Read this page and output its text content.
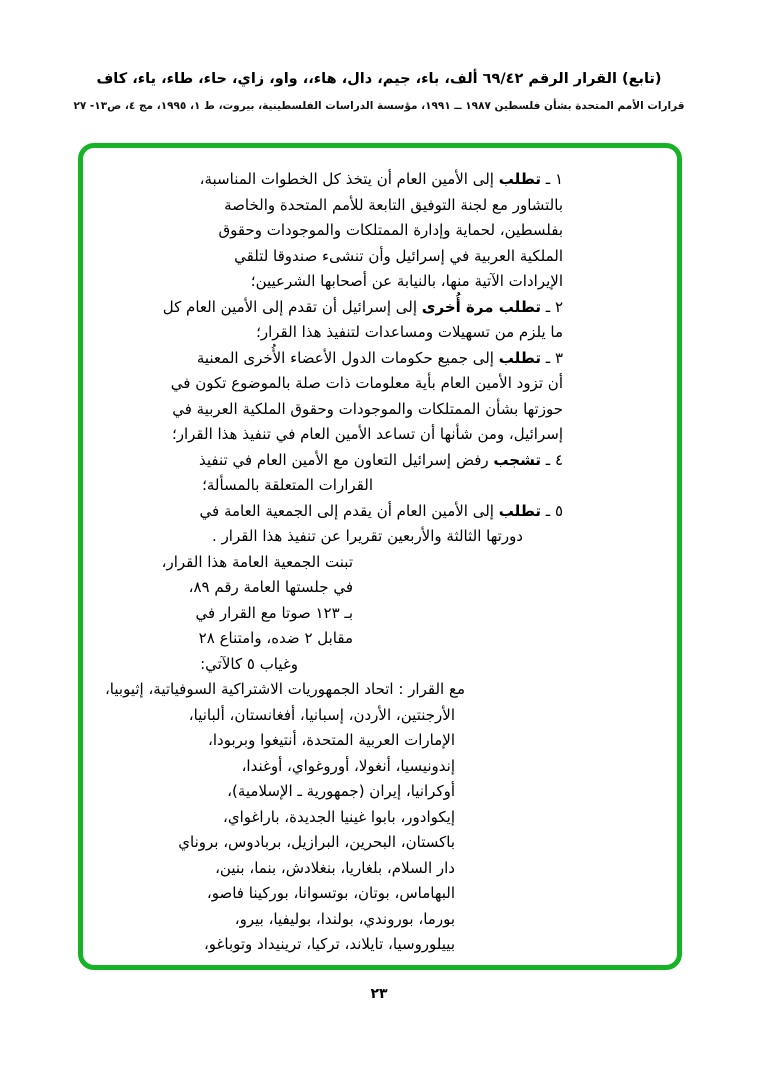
(تابع) القرار الرقم ٦٩/٤٢ ألف، باء، جيم، دال، هاء،، واو، زاي، حاء، طاء، ياء، كاف
قرارات الأمم المتحدة بشأن فلسطين ١٩٨٧ ــ ١٩٩١، مؤسسة الدراسات الفلسطينية، بيروت، ط ١، ١٩٩٥، مج ٤، ص١٣- ٢٧
١ ـ تطلب إلى الأمين العام أن يتخذ كل الخطوات المناسبة،
بالتشاور مع لجنة التوفيق التابعة للأمم المتحدة والخاصة
بفلسطين، لحماية وإدارة الممتلكات والموجودات وحقوق
الملكية العربية في إسرائيل وأن تنشىء صندوقا لتلقي
الإيرادات الآتية منها، بالنيابة عن أصحابها الشرعيين؛
٢ ـ تطلب مرة أُخرى إلى إسرائيل أن تقدم إلى الأمين العام كل
ما يلزم من تسهيلات ومساعدات لتنفيذ هذا القرار؛
٣ ـ تطلب إلى جميع حكومات الدول الأعضاء الأُخرى المعنية
أن تزود الأمين العام بأية معلومات ذات صلة بالموضوع تكون في
حوزتها بشأن الممتلكات والموجودات وحقوق الملكية العربية في
إسرائيل، ومن شأنها أن تساعد الأمين العام في تنفيذ هذا القرار؛
٤ ـ تشجب رفض إسرائيل التعاون مع الأمين العام في تنفيذ
القرارات المتعلقة بالمسألة؛
٥ ـ تطلب إلى الأمين العام أن يقدم إلى الجمعية العامة في
دورتها الثالثة والأربعين تقريرا عن تنفيذ هذا القرار .
تبنت الجمعية العامة هذا القرار،
في جلستها العامة رقم ٨٩،
بـ ١٢٣ صوتا مع القرار في
مقابل ٢ ضده، وامتناع ٢٨
وغياب ٥ كالآتي:
مع القرار : اتحاد الجمهوريات الاشتراكية السوفياتية، إثيوبيا،
الأرجنتين، الأردن، إسبانيا، أفغانستان، ألبانيا،
الإمارات العربية المتحدة، أنتيغوا وبربودا،
إندونيسيا، أنغولا، أوروغواي، أوغندا،
أوكرانيا، إيران (جمهورية ـ الإسلامية)،
إيكوادور، بابوا غينيا الجديدة، باراغواي،
باكستان، البحرين، البرازيل، بربادوس، بروناي
دار السلام، بلغاريا، بنغلادش، بنما، بنين،
البهاماس، بوتان، بوتسوانا، بوركينا فاصو،
بورما، بوروندي، بولندا، بوليفيا، بيرو،
بييلوروسيا، تايلاند، تركيا، ترينيداد وتوباغو،
٢٣
